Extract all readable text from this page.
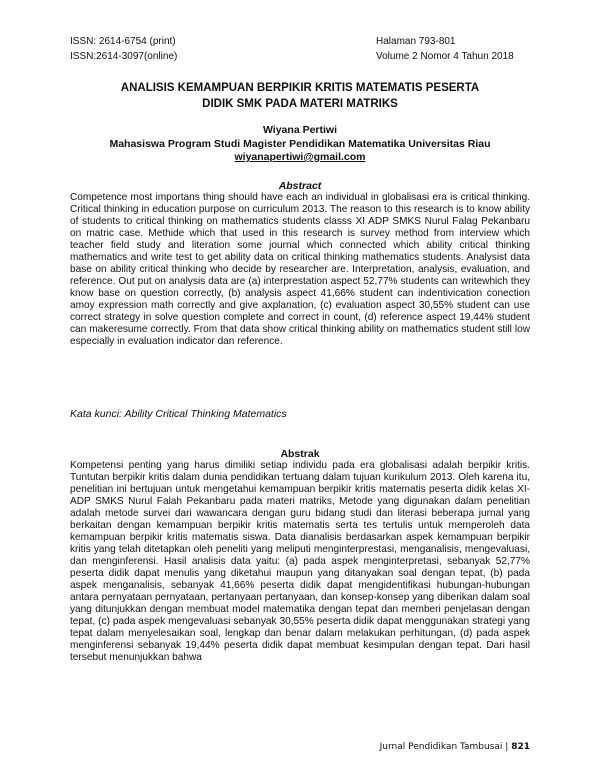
ISSN: 2614-6754 (print)
ISSN:2614-3097(online)
Halaman 793-801
Volume 2 Nomor 4 Tahun 2018
ANALISIS KEMAMPUAN BERPIKIR KRITIS MATEMATIS PESERTA
DIDIK SMK PADA MATERI MATRIKS
Wiyana Pertiwi
Mahasiswa Program Studi Magister Pendidikan Matematika Universitas Riau
wiyanapertiwi@gmail.com
Abstract

Competence most importans thing should have each an individual in globalisasi era is critical thinking. Critical thinking in education purpose on curriculum 2013. The reason to this research is to know ability of students to critical thinking on mathematics students classs XI ADP SMKS Nurul Falag Pekanbaru on matric case. Methide which that used in this research is survey method from interview which teacher field study and literation some journal which connected which ability critical thinking mathematics and write test to get ability data on critical thinking mathematics students. Analysist data base on ability critical thinking who decide by researcher are. Interpretation, analysis, evaluation, and reference. Out put on analysis data are (a) interprestation aspect 52,77% students can writewhich they know base on question correctly, (b) analysis aspect 41,66% student can indentivication conection amoy expression math correctly and give axplanation, (c) evaluation aspect 30,55% student can use correct strategy in solve question complete and correct in count, (d) reference aspect 19,44% student can makeresume correctly. From that data show critical thinking ability on mathematics student still low especially in evaluation indicator dan reference.

Kata kunci: Ability Critical Thinking Matematics
Abstrak

Kompetensi penting yang harus dimiliki setiap individu pada era globalisasi adalah berpikir kritis. Tuntutan berpikir kritis dalam dunia pendidikan tertuang dalam tujuan kurikulum 2013. Oleh karena itu, penelitian ini bertujuan untuk mengetahui kemampuan berpikir kritis matematis peserta didik kelas XI-ADP SMKS Nurul Falah Pekanbaru pada materi matriks, Metode yang digunakan dalam penelitian adalah metode survei dari wawancara dengan guru bidang studi dan literasi beberapa jurnal yang berkaitan dengan kemampuan berpikir kritis matematis serta tes tertulis untuk memperoleh data kemampuan berpikir kritis matematis siswa. Data dianalisis berdasarkan aspek kemampuan berpikir kritis yang telah ditetapkan oleh peneliti yang meliputi menginterprestasi, menganalisis, mengevaluasi, dan menginferensi. Hasil analisis data yaitu: (a) pada aspek menginterpretasi, sebanyak 52,77% peserta didik dapat menulis yang diketahui maupun yang ditanyakan soal dengan tepat, (b) pada aspek menganalisis, sebanyak 41,66% peserta didik dapat mengidentifikasi hubungan-hubungan antara pernyataan pernyataan, pertanyaan pertanyaan, dan konsep-konsep yang diberikan dalam soal yang ditunjukkan dengan membuat model matematika dengan tepat dan memberi penjelasan dengan tepat, (c) pada aspek mengevaluasi sebanyak 30,55% peserta didik dapat menggunakan strategi yang tepat dalam menyelesaikan soal, lengkap dan benar dalam melakukan perhitungan, (d) pada aspek menginferensi sebanyak 19,44% peserta didik dapat membuat kesimpulan dengan tepat. Dari hasil tersebut menunjukkan bahwa

Jurnal Pendidikan Tambusai | 821
